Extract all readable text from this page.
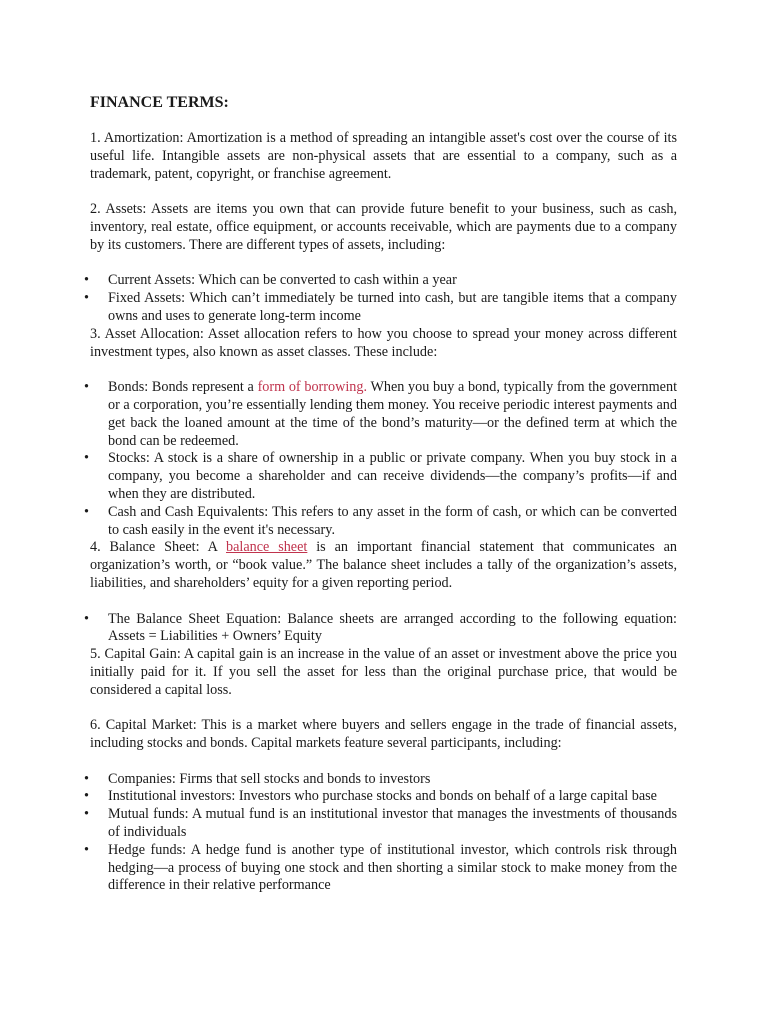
FINANCE TERMS:

1. Amortization: Amortization is a method of spreading an intangible asset's cost over the course of its useful life. Intangible assets are non-physical assets that are essential to a company, such as a trademark, patent, copyright, or franchise agreement.

2. Assets: Assets are items you own that can provide future benefit to your business, such as cash, inventory, real estate, office equipment, or accounts receivable, which are payments due to a company by its customers. There are different types of assets, including:

• Current Assets: Which can be converted to cash within a year
• Fixed Assets: Which can’t immediately be turned into cash, but are tangible items that a company owns and uses to generate long-term income

3. Asset Allocation: Asset allocation refers to how you choose to spread your money across different investment types, also known as asset classes. These include:

• Bonds: Bonds represent a form of borrowing. When you buy a bond, typically from the government or a corporation, you’re essentially lending them money. You receive periodic interest payments and get back the loaned amount at the time of the bond’s maturity—or the defined term at which the bond can be redeemed.
• Stocks: A stock is a share of ownership in a public or private company. When you buy stock in a company, you become a shareholder and can receive dividends—the company’s profits—if and when they are distributed.
• Cash and Cash Equivalents: This refers to any asset in the form of cash, or which can be converted to cash easily in the event it's necessary.

4. Balance Sheet: A balance sheet is an important financial statement that communicates an organization’s worth, or “book value.” The balance sheet includes a tally of the organization’s assets, liabilities, and shareholders’ equity for a given reporting period.

• The Balance Sheet Equation: Balance sheets are arranged according to the following equation: Assets = Liabilities + Owners’ Equity

5. Capital Gain: A capital gain is an increase in the value of an asset or investment above the price you initially paid for it. If you sell the asset for less than the original purchase price, that would be considered a capital loss.

6. Capital Market: This is a market where buyers and sellers engage in the trade of financial assets, including stocks and bonds. Capital markets feature several participants, including:

• Companies: Firms that sell stocks and bonds to investors
• Institutional investors: Investors who purchase stocks and bonds on behalf of a large capital base
• Mutual funds: A mutual fund is an institutional investor that manages the investments of thousands of individuals
• Hedge funds: A hedge fund is another type of institutional investor, which controls risk through hedging—a process of buying one stock and then shorting a similar stock to make money from the difference in their relative performance
